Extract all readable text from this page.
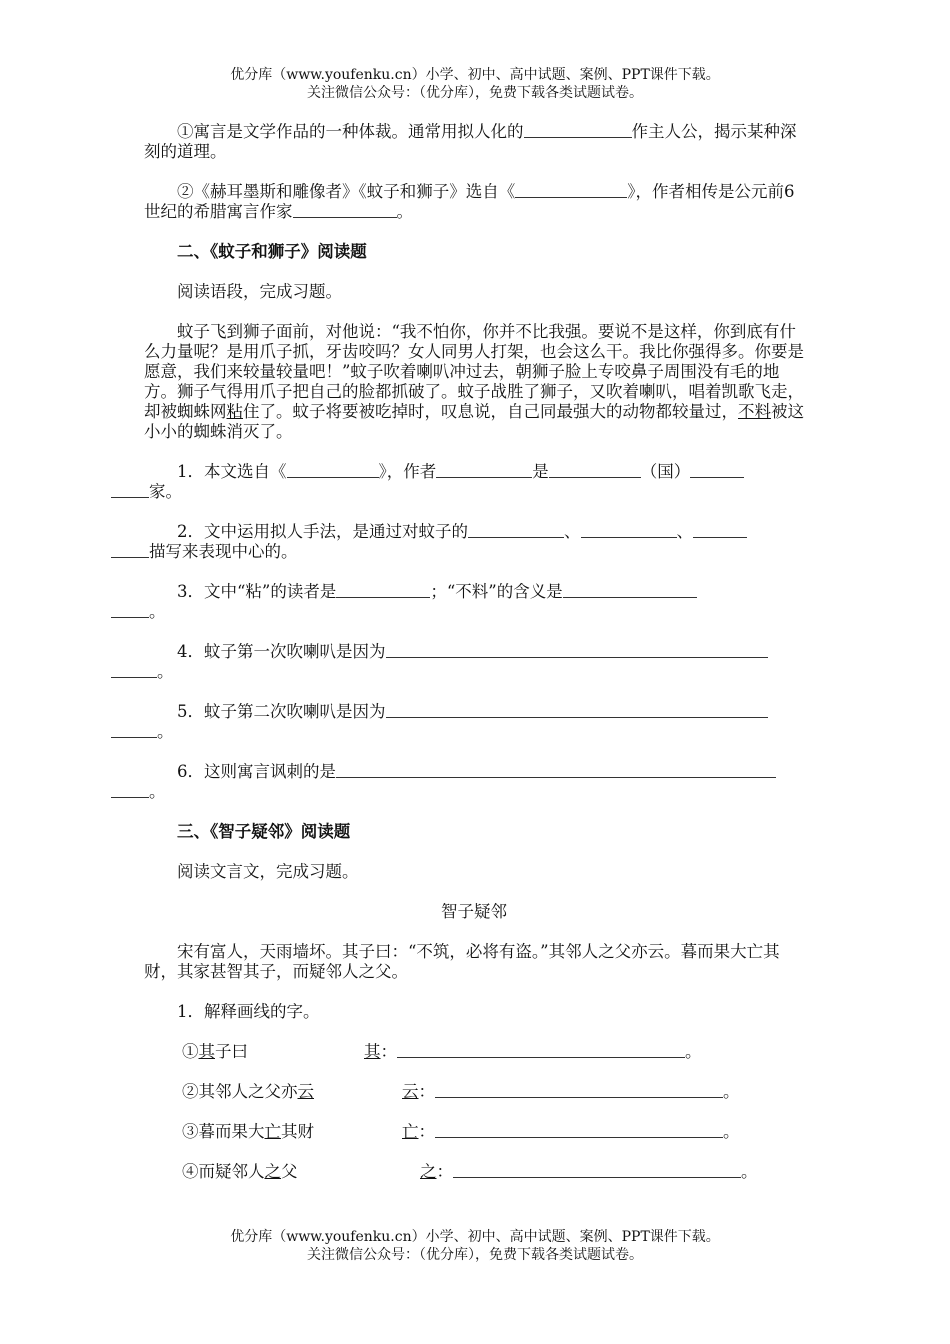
优分库（www.youfenku.cn）小学、初中、高中试题、案例、PPT课件下载。
关注微信公众号：（优分库），免费下载各类试题试卷。

①寓言是文学作品的一种体裁。通常用拟人化的	作主人公，揭示某种深刻的道理。

②《赫耳墨斯和雕像者》《蚊子和狮子》选自《	》，作者相传是公元前6世纪的希腊寓言作家	。

二、《蚊子和狮子》阅读题

阅读语段，完成习题。

蚊子飞到狮子面前，对他说：“我不怕你，你并不比我强。要说不是这样，你到底有什么力量呢？是用爪子抓，牙齿咬吗？女人同男人打架，也会这么干。我比你强得多。你要是愿意，我们来较量较量吧！”蚊子吹着喇叭冲过去，朝狮子脸上专咬鼻子周围没有毛的地方。狮子气得用爪子把自己的脸都抓破了。蚊子战胜了狮子，又吹着喇叭，唱着凯歌飞走，却被蜘蛛网粘住了。蚊子将要被吃掉时，叹息说，自己同最强大的动物都较量过，不料被这小小的蜘蛛消灭了。

1．本文选自《	》，作者	是	（国）
家。

2．文中运用拟人手法，是通过对蚊子的	、	、
描写来表现中心的。

3．文中“粘”的读者是	；“不料”的含义是
。

4．蚊子第一次吹喇叭是因为
。

5．蚊子第二次吹喇叭是因为
。

6．这则寓言讽刺的是
。

三、《智子疑邻》阅读题

阅读文言文，完成习题。

智子疑邻

宋有富人，天雨墙坏。其子曰：“不筑，必将有盗。”其邻人之父亦云。暮而果大亡其财，其家甚智其子，而疑邻人之父。

1．解释画线的字。

①其子曰	其：	。
②其邻人之父亦云	云：	。
③暮而果大亡其财	亡：	。
④而疑邻人之父	之：	。
优分库（www.youfenku.cn）小学、初中、高中试题、案例、PPT课件下载。
关注微信公众号：（优分库），免费下载各类试题试卷。
